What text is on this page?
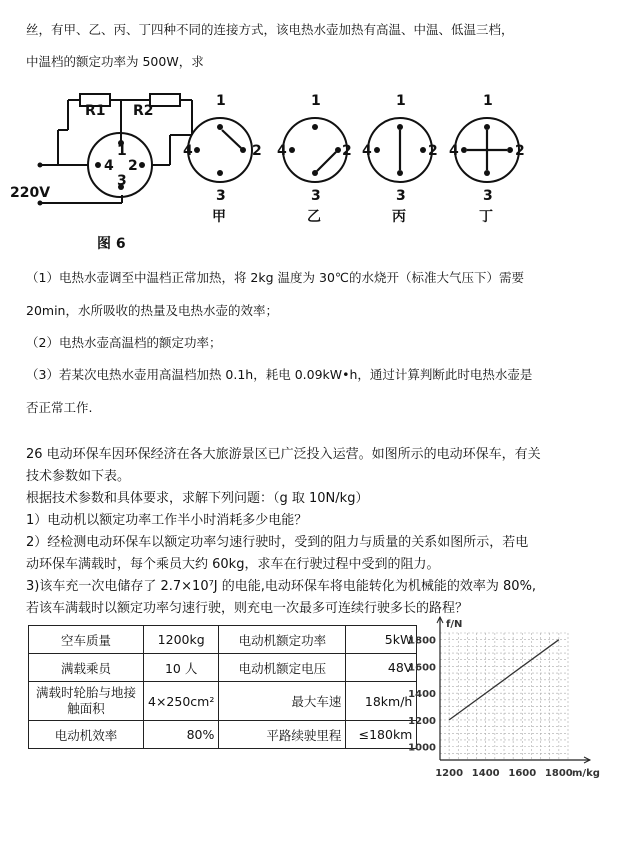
丝，有甲、乙、丙、丁四种不同的连接方式，该电热水壶加热有高温、中温、低温三档，
中温档的额定功率为 500W，求
R1 R2
220V
图 6
1
2
3
4
1
2
3
4
甲
1
2
3
4
乙
1
2
3
4
丙
1
2
3
4
丁
（1）电热水壶调至中温档正常加热，将 2kg 温度为 30℃的水烧开（标准大气压下）需要
20min，水所吸收的热量及电热水壶的效率；
（2）电热水壶高温档的额定功率；
（3）若某次电热水壶用高温档加热 0.1h，耗电 0.09kW•h，通过计算判断此时电热水壶是
否正常工作.
26 电动环保车因环保经济在各大旅游景区已广泛投入运营。如图所示的电动环保车，有关
技术参数如下表。
根据技术参数和具体要求，求解下列问题：（g 取 10N/kg）
1）电动机以额定功率工作半小时消耗多少电能？
2）经检测电动环保车以额定功率匀速行驶时，受到的阻力与质量的关系如图所示，若电
动环保车满载时，每个乘员大约 60kg，求车在行驶过程中受到的阻力。
3)该车充一次电储存了 2.7×10⁷J 的电能,电动环保车将电能转化为机械能的效率为 80%,
若该车满载时以额定功率匀速行驶，则充电一次最多可连续行驶多长的路程？
空车质量	1200kg	电动机额定功率	5kW
满载乘员	10 人	电动机额定电压	48V
满载时轮胎与地接触面积	4×250cm²	最大车速	18km/h
电动机效率	80%	平路续驶里程	≤180km
1000
1200
1400
1600
1800
1200 1400 1600 1800
f/N
m/kg
